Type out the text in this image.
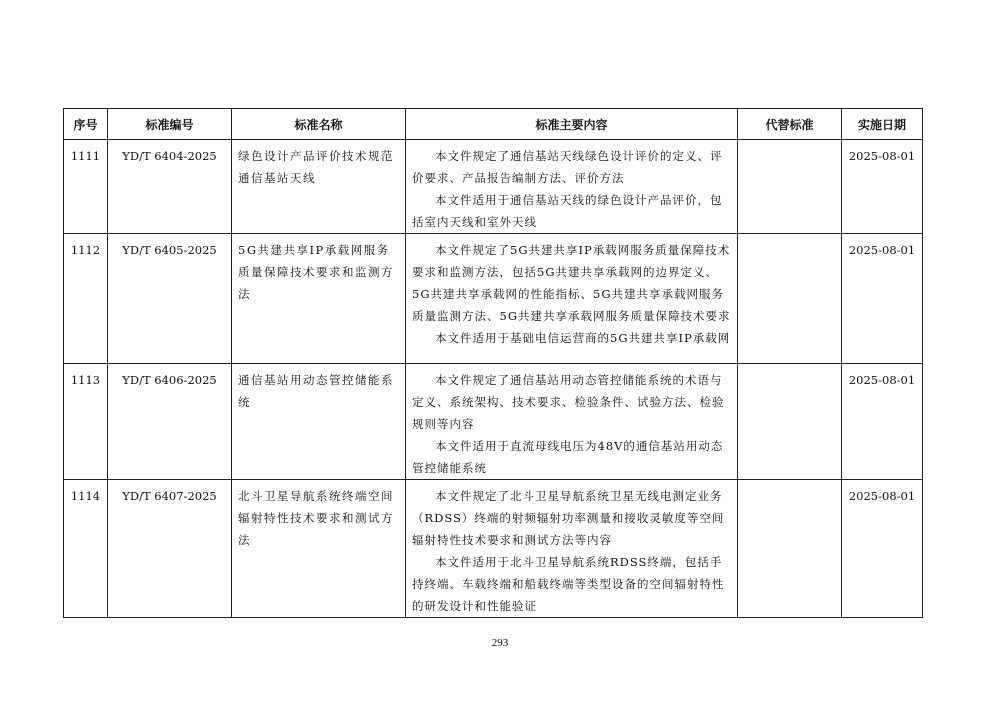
序号	标准编号	标准名称	标准主要内容	代替标准	实施日期
1111	YD/T 6404-2025	绿色设计产品评价技术规范 通信基站天线	本文件规定了通信基站天线绿色设计评价的定义、评价要求、产品报告编制方法、评价方法

本文件适用于通信基站天线的绿色设计产品评价，包括室内天线和室外天线		2025-08-01
1112	YD/T 6405-2025	5G共建共享IP承载网服务质量保障技术要求和监测方法	本文件规定了5G共建共享IP承载网服务质量保障技术要求和监测方法，包括5G共建共享承载网的边界定义、5G共建共享承载网的性能指标、5G共建共享承载网服务质量监测方法、5G共建共享承载网服务质量保障技术要求

本文件适用于基础电信运营商的5G共建共享IP承载网		2025-08-01
1113	YD/T 6406-2025	通信基站用动态管控储能系统	本文件规定了通信基站用动态管控储能系统的术语与定义、系统架构、技术要求、检验条件、试验方法、检验规则等内容

本文件适用于直流母线电压为48V的通信基站用动态管控储能系统		2025-08-01
1114	YD/T 6407-2025	北斗卫星导航系统终端空间辐射特性技术要求和测试方法	本文件规定了北斗卫星导航系统卫星无线电测定业务（RDSS）终端的射频辐射功率测量和接收灵敏度等空间辐射特性技术要求和测试方法等内容

本文件适用于北斗卫星导航系统RDSS终端，包括手持终端、车载终端和船载终端等类型设备的空间辐射特性的研发设计和性能验证		2025-08-01
293
